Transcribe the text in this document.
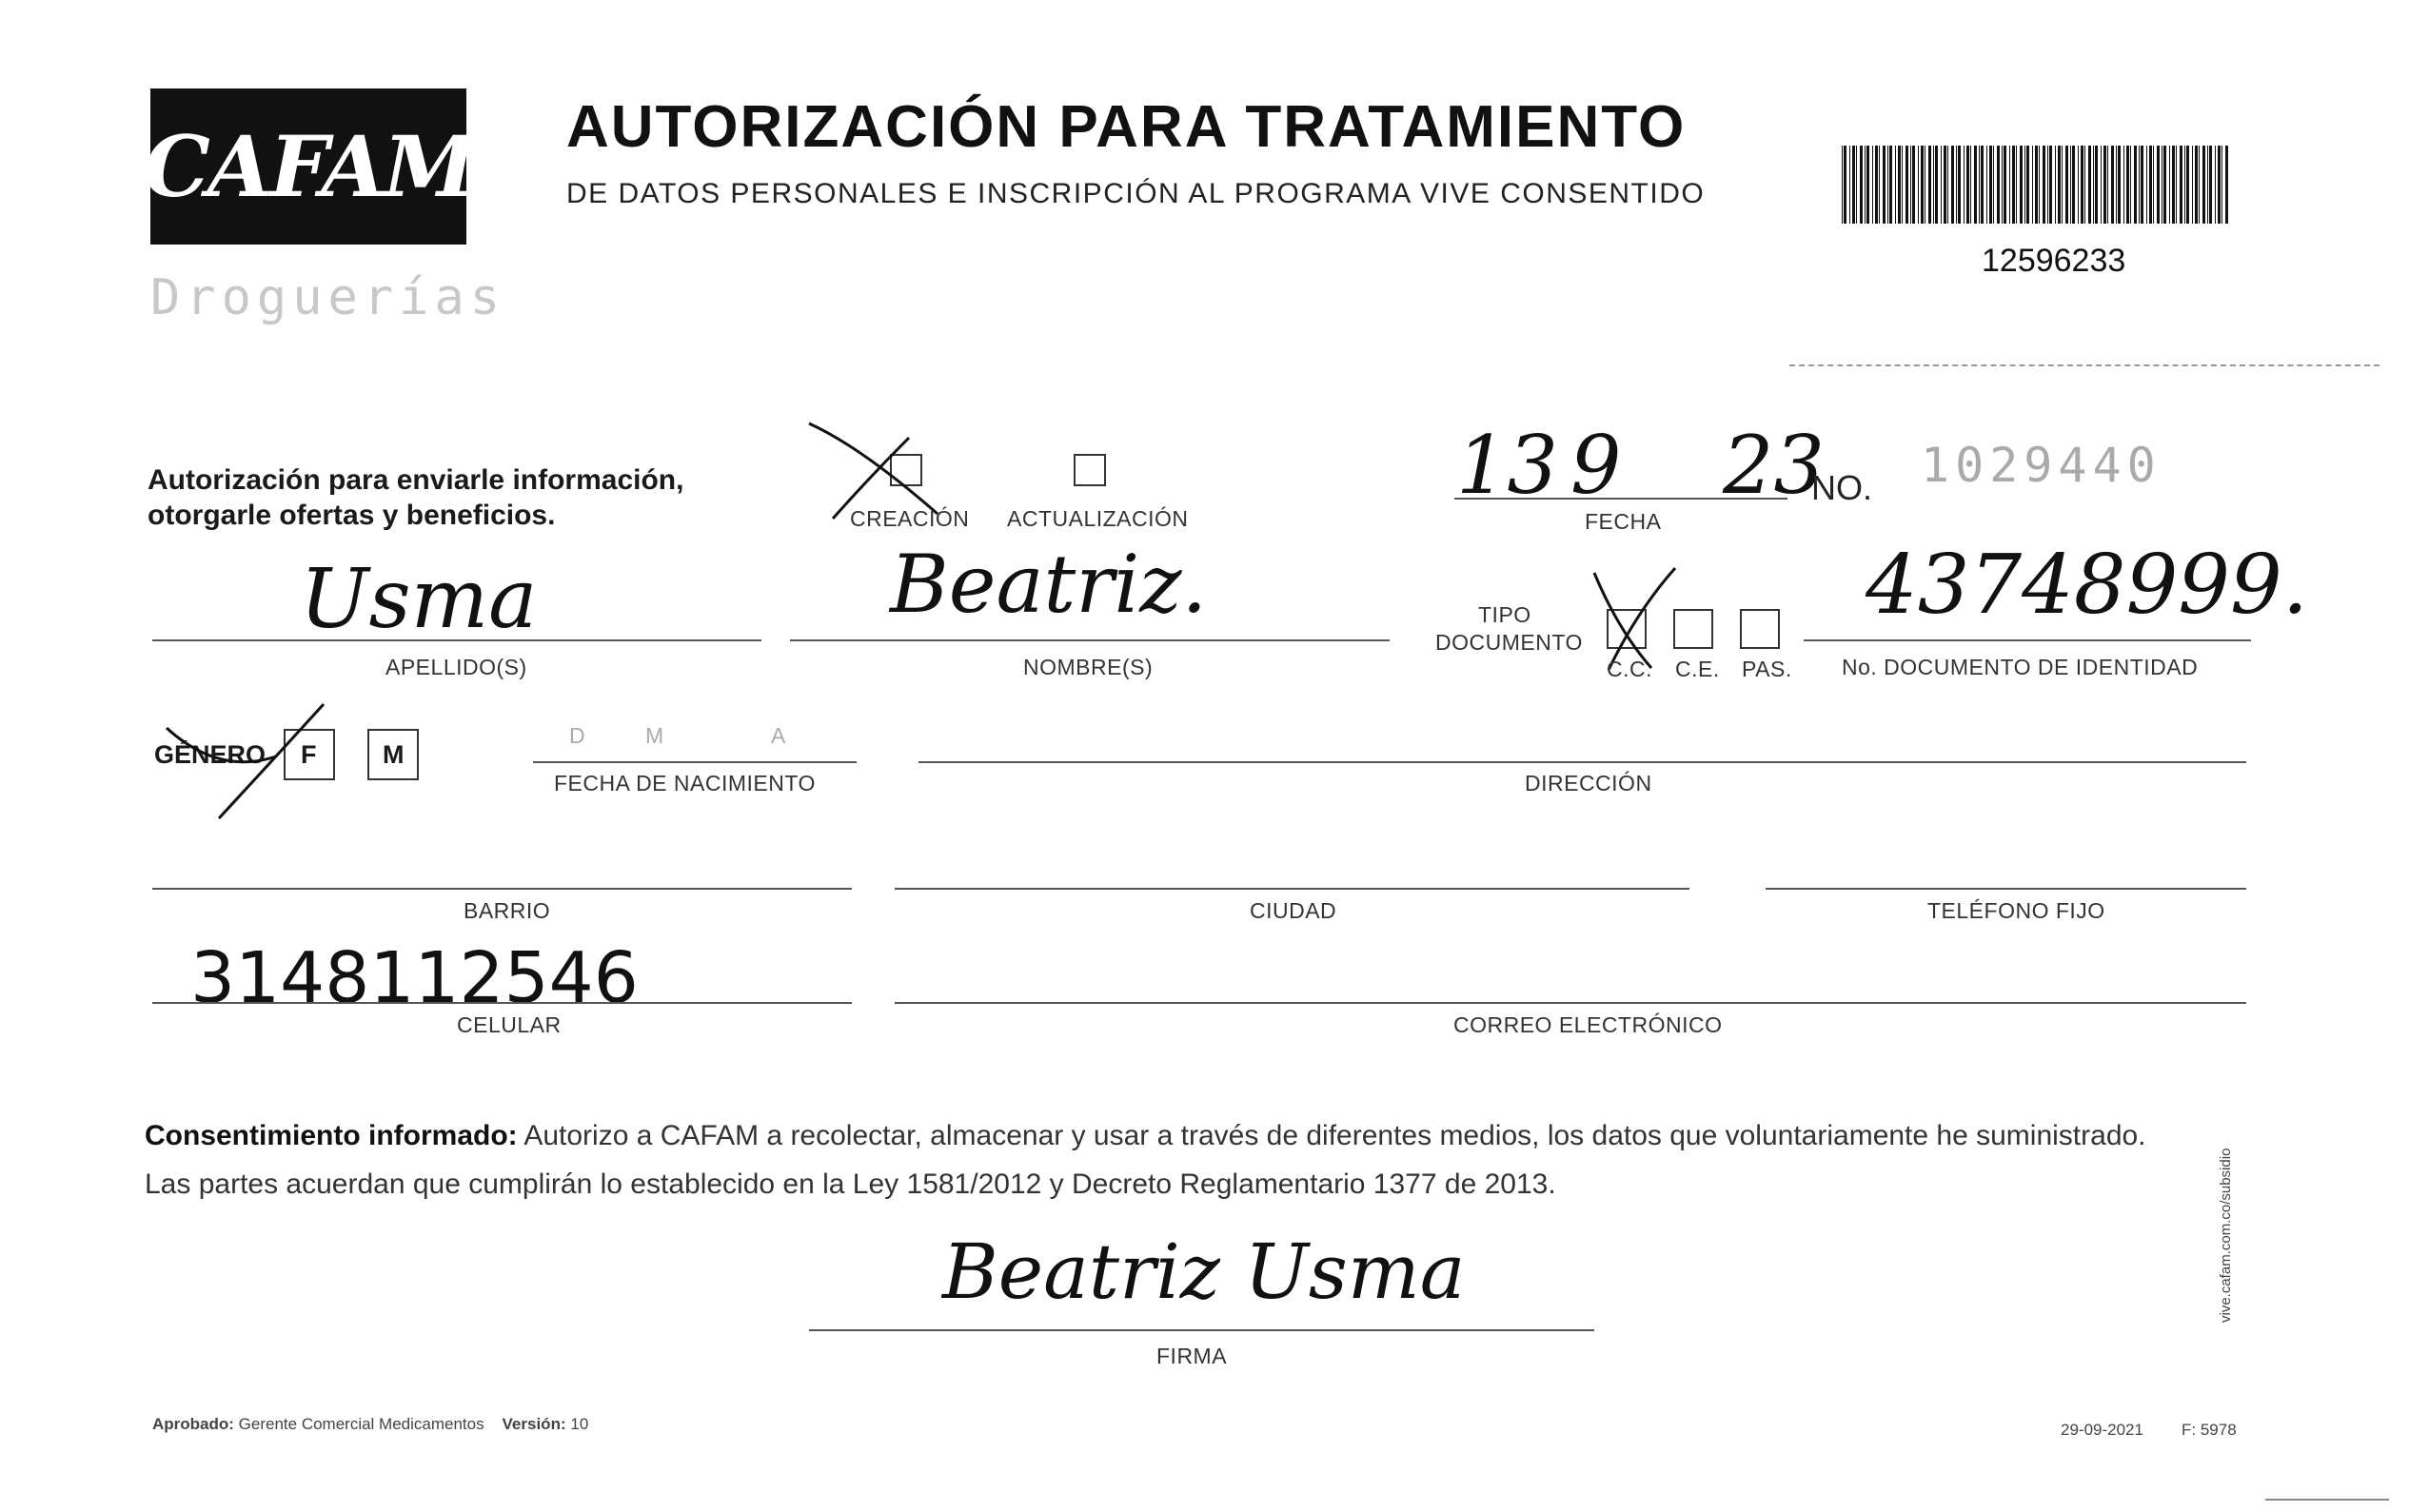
CAFAM
Droguerías
AUTORIZACIÓN PARA TRATAMIENTO
DE DATOS PERSONALES E INSCRIPCIÓN AL PROGRAMA VIVE CONSENTIDO
12596233
Autorización para enviarle información,
otorgarle ofertas y beneficios.	CREACIÓN ACTUALIZACIÓN
13 9 23
FECHA
NO. 1029440
Usma
APELLIDO(S)
Beatriz.
NOMBRE(S)
TIPO
DOCUMENTO
C.C. C.E. PAS.
43748999.
No. DOCUMENTO DE IDENTIDAD
GÉNERO F	M
D	M	A
FECHA DE NACIMIENTO	DIRECCIÓN
BARRIO	CIUDAD	TELÉFONO FIJO
3148112546
CELULAR	CORREO ELECTRÓNICO
Consentimiento informado: Autorizo a CAFAM a recolectar, almacenar y usar a través de diferentes medios, los datos que voluntariamente he suministrado.
Las partes acuerdan que cumplirán lo establecido en la Ley 1581/2012 y Decreto Reglamentario 1377 de 2013.
Beatriz Usma
FIRMA
Aprobado: Gerente Comercial Medicamentos Versión: 10	29-09-2021 F: 5978
vive.cafam.com.co/subsidio
